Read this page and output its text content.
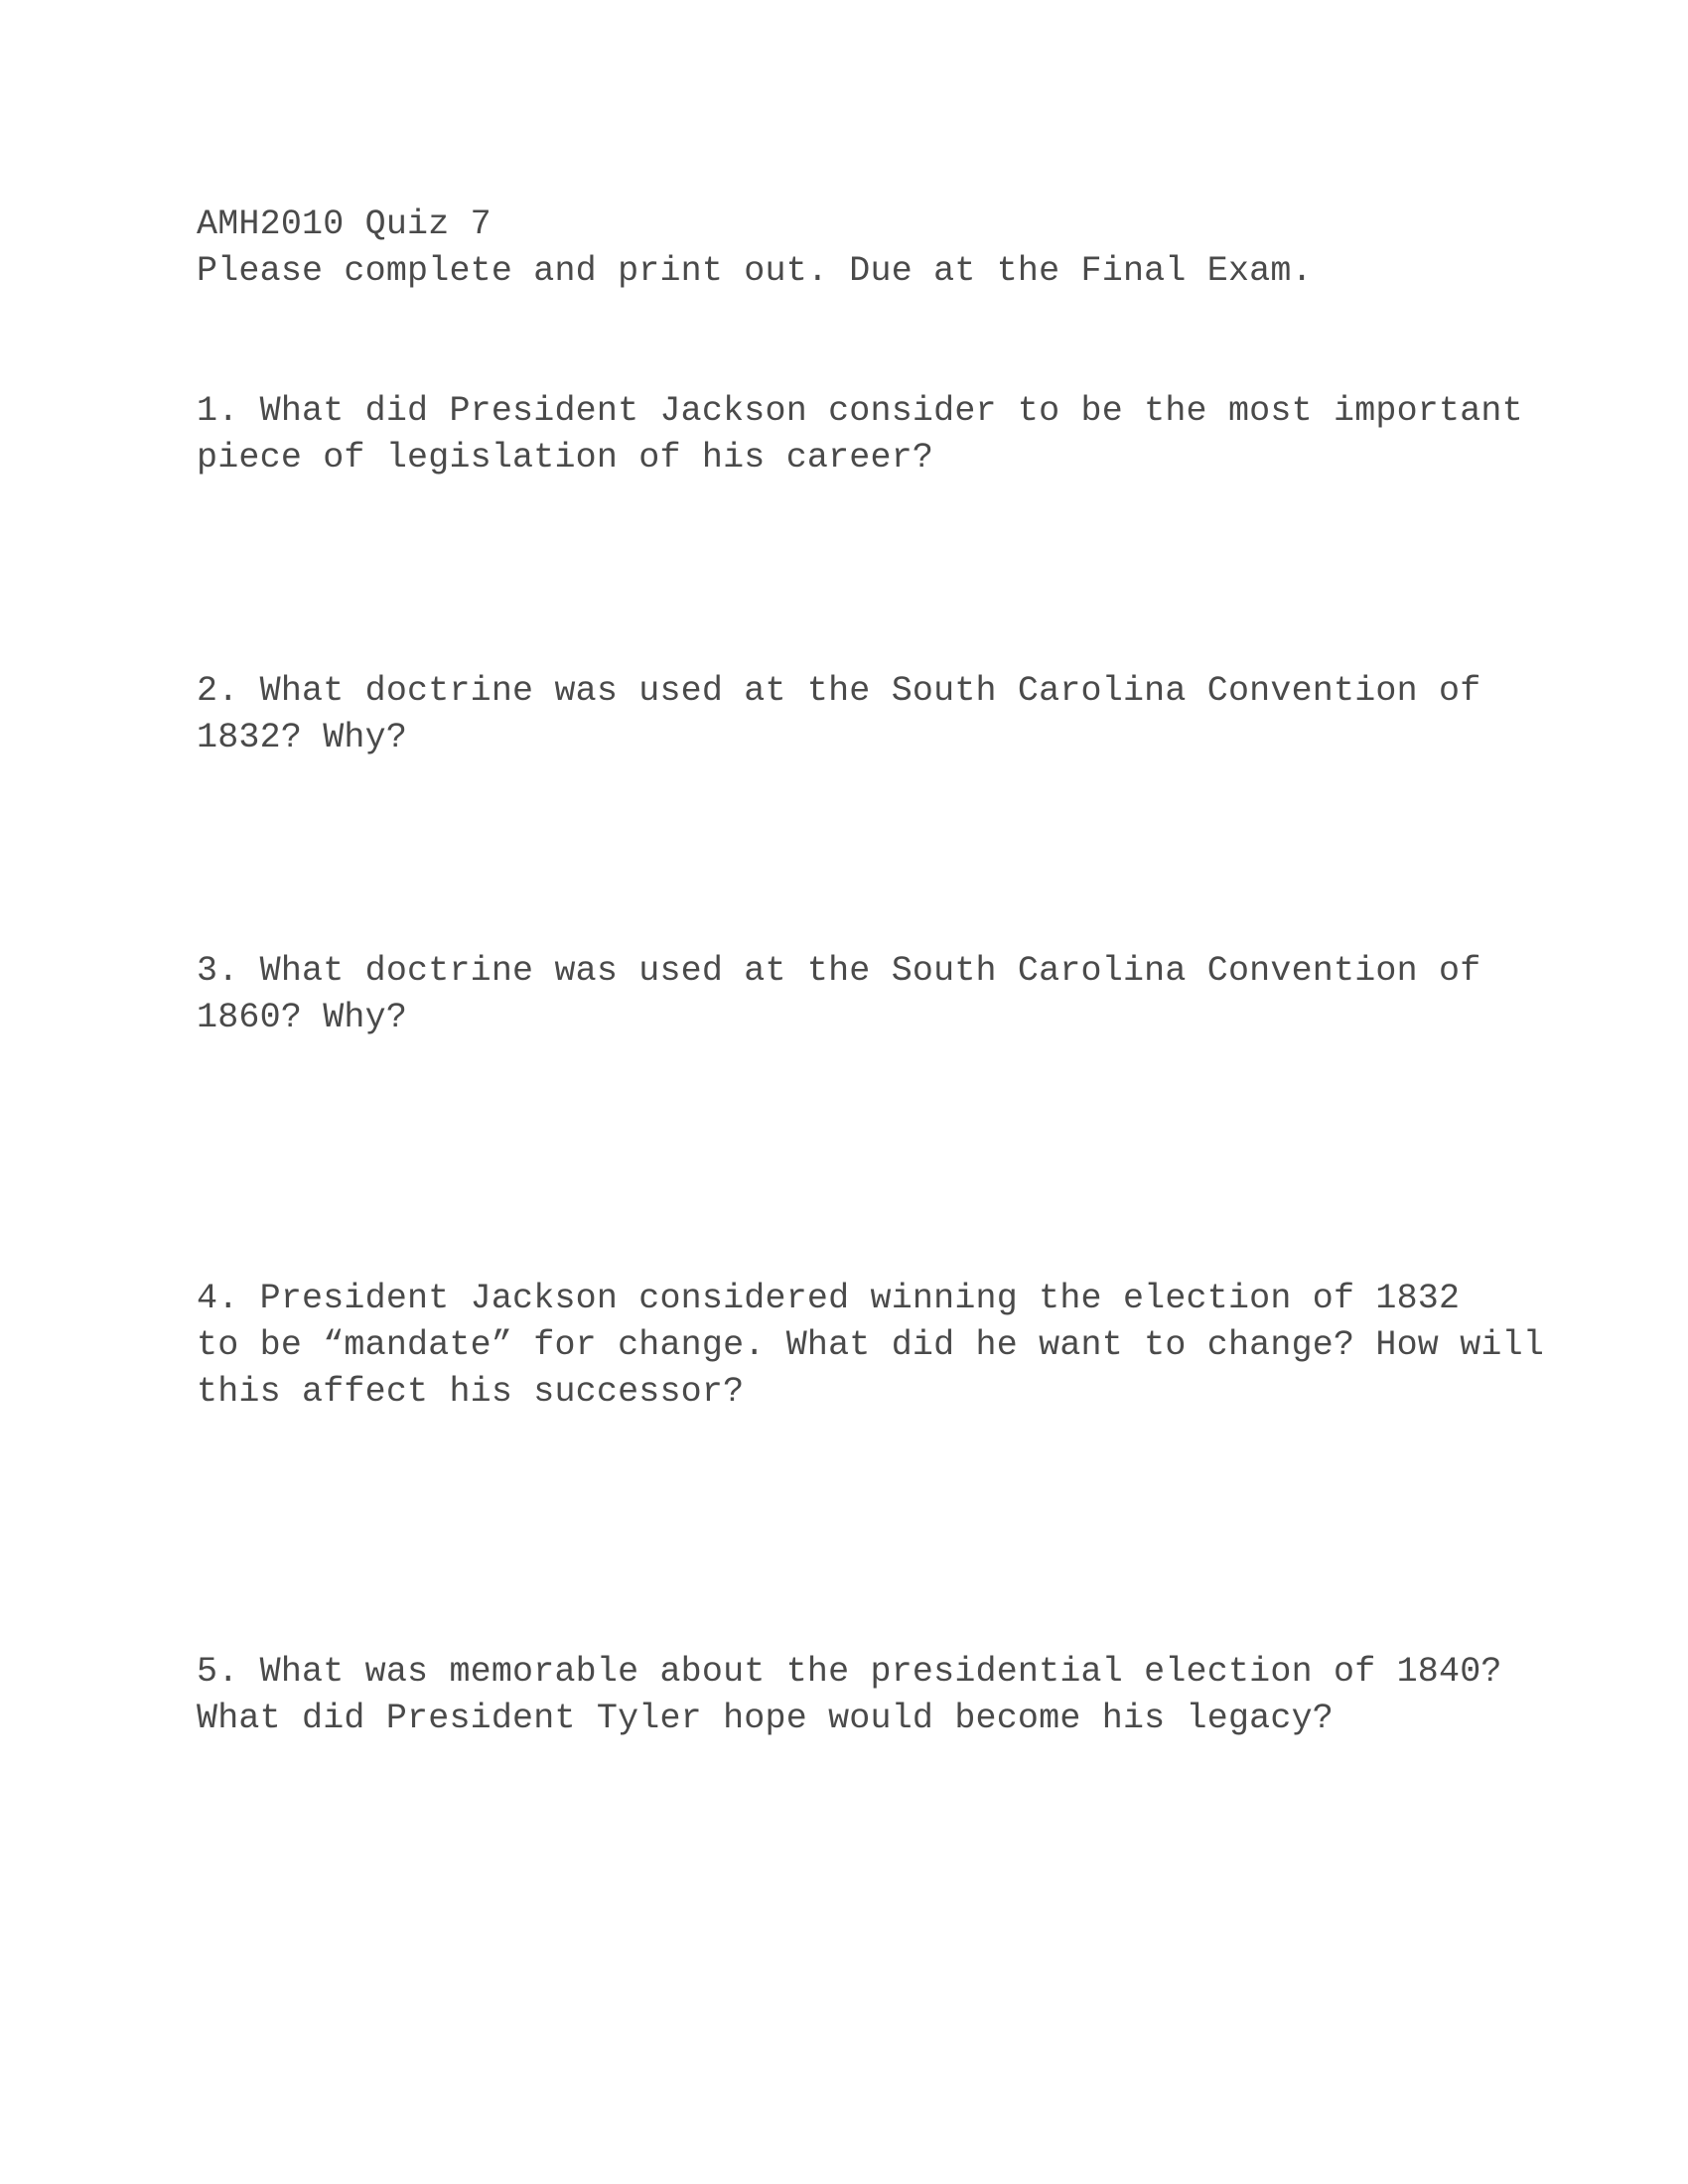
AMH2010 Quiz 7

Please complete and print out. Due at the Final Exam.

1. What did President Jackson consider to be the most important
piece of legislation of his career?
2. What doctrine was used at the South Carolina Convention of
1832? Why?
3. What doctrine was used at the South Carolina Convention of
1860? Why?
4. President Jackson considered winning the election of 1832
to be “mandate” for change. What did he want to change? How will
this affect his successor?
5. What was memorable about the presidential election of 1840?
What did President Tyler hope would become his legacy?
